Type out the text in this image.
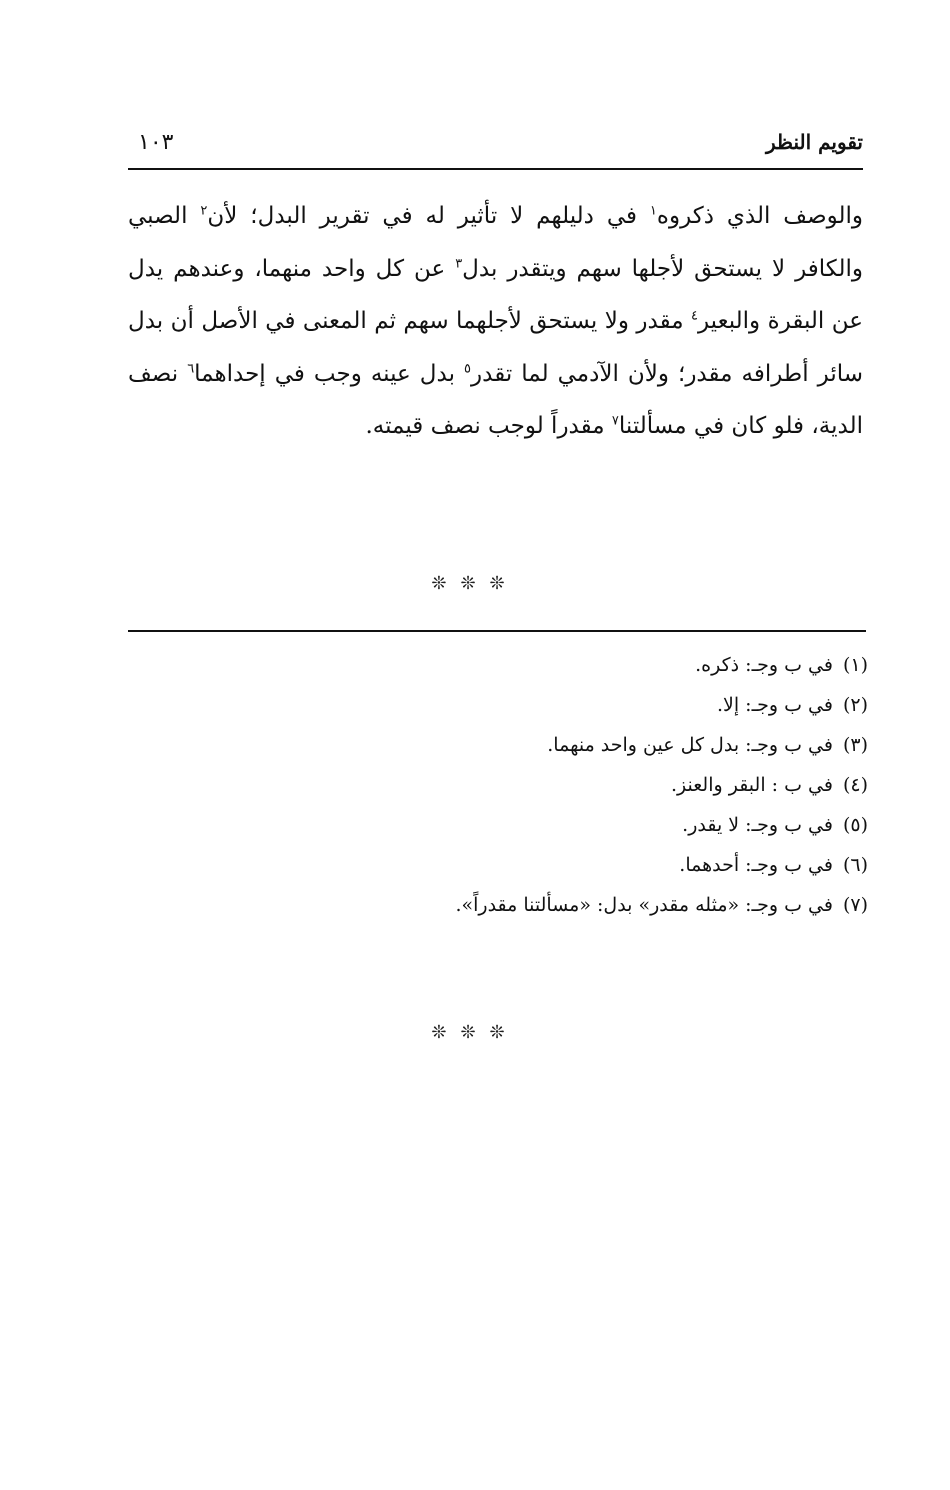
تقويم النظر
١٠٣

والوصف الذي ذكروه$^١$ في دليلهم لا تأثير له في تقرير البدل؛ لأن$^٢$ الصبي والكافر لا يستحق لأجلها سهم ويتقدر بدل$^٣$ عن كل واحد منهما، وعندهم يدل عن البقرة والبعير$^٤$ مقدر ولا يستحق لأجلهما سهم ثم المعنى في الأصل أن بدل سائر أطرافه مقدر؛ ولأن الآدمي لما تقدر$^٥$ بدل عينه وجب في إحداهما$^٦$ نصف الدية، فلو كان في مسألتنا$^٧$ مقدراً لوجب نصف قيمته.

❊❊❊
(١)في ب وجـ: ذكره.
(٢)في ب وجـ: إلا.
(٣)في ب وجـ: بدل كل عين واحد منهما.
(٤)في ب : البقر والعنز.
(٥)في ب وجـ: لا يقدر.
(٦)في ب وجـ: أحدهما.
(٧)في ب وجـ: «مثله مقدر» بدل: «مسألتنا مقدراً».
❊❊❊
